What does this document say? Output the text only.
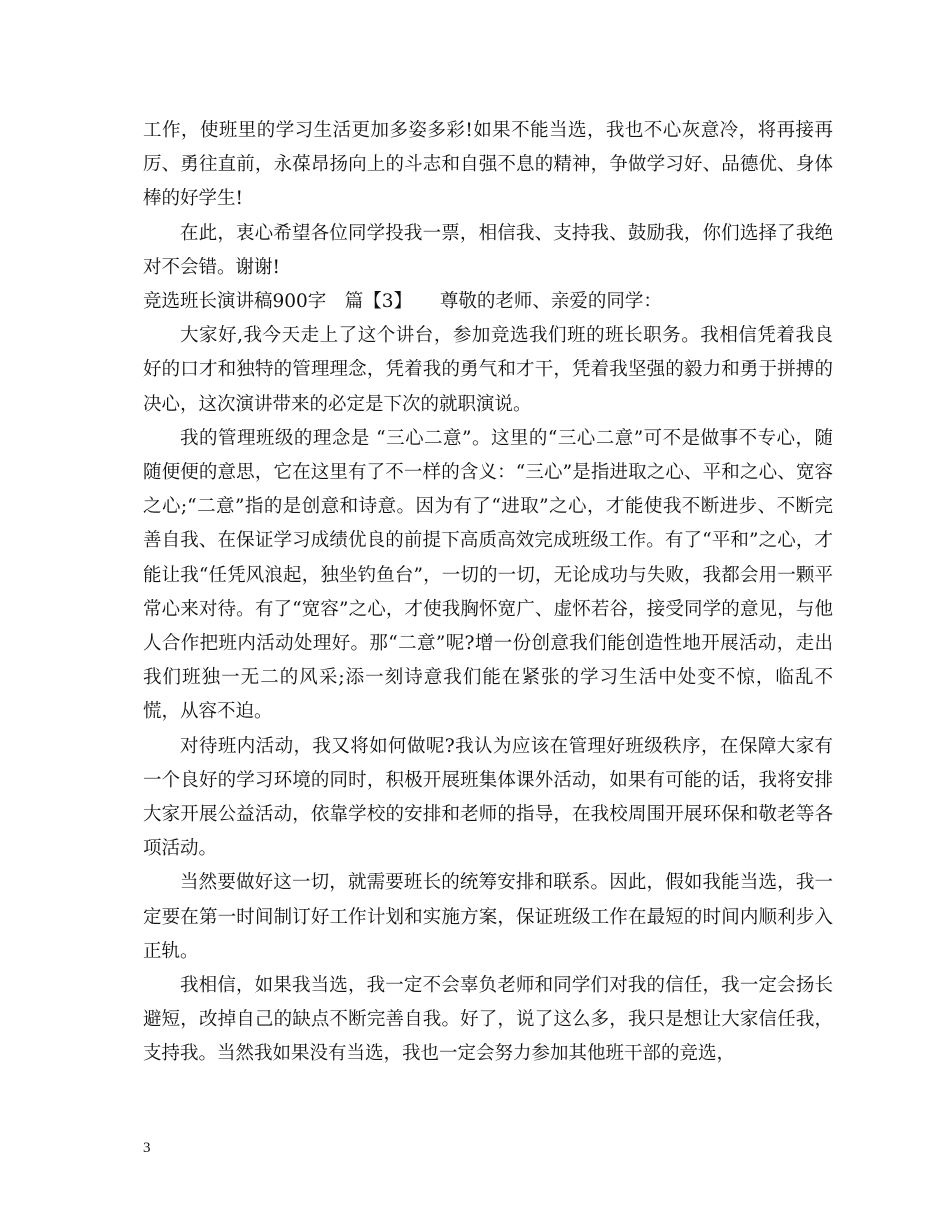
工作，使班里的学习生活更加多姿多彩!如果不能当选，我也不心灰意冷，将再接再厉、勇往直前，永葆昂扬向上的斗志和自强不息的精神，争做学习好、品德优、身体棒的好学生!

在此，衷心希望各位同学投我一票，相信我、支持我、鼓励我，你们选择了我绝对不会错。谢谢!

竞选班长演讲稿900字　篇【3】　　尊敬的老师、亲爱的同学：

大家好,我今天走上了这个讲台，参加竞选我们班的班长职务。我相信凭着我良好的口才和独特的管理理念，凭着我的勇气和才干，凭着我坚强的毅力和勇于拼搏的决心，这次演讲带来的必定是下次的就职演说。

我的管理班级的理念是 “三心二意”。这里的“三心二意”可不是做事不专心，随随便便的意思，它在这里有了不一样的含义：“三心”是指进取之心、平和之心、宽容之心;“二意”指的是创意和诗意。因为有了“进取”之心，才能使我不断进步、不断完善自我、在保证学习成绩优良的前提下高质高效完成班级工作。有了“平和”之心，才能让我“任凭风浪起，独坐钓鱼台”，一切的一切，无论成功与失败，我都会用一颗平常心来对待。有了“宽容”之心，才使我胸怀宽广、虚怀若谷，接受同学的意见，与他人合作把班内活动处理好。那“二意”呢?增一份创意我们能创造性地开展活动，走出我们班独一无二的风采;添一刻诗意我们能在紧张的学习生活中处变不惊，临乱不慌，从容不迫。

对待班内活动，我又将如何做呢?我认为应该在管理好班级秩序，在保障大家有一个良好的学习环境的同时，积极开展班集体课外活动，如果有可能的话，我将安排大家开展公益活动，依靠学校的安排和老师的指导，在我校周围开展环保和敬老等各项活动。

当然要做好这一切，就需要班长的统筹安排和联系。因此，假如我能当选，我一定要在第一时间制订好工作计划和实施方案，保证班级工作在最短的时间内顺利步入正轨。

我相信，如果我当选，我一定不会辜负老师和同学们对我的信任，我一定会扬长避短，改掉自己的缺点不断完善自我。好了，说了这么多，我只是想让大家信任我，支持我。当然我如果没有当选，我也一定会努力参加其他班干部的竞选，

3
